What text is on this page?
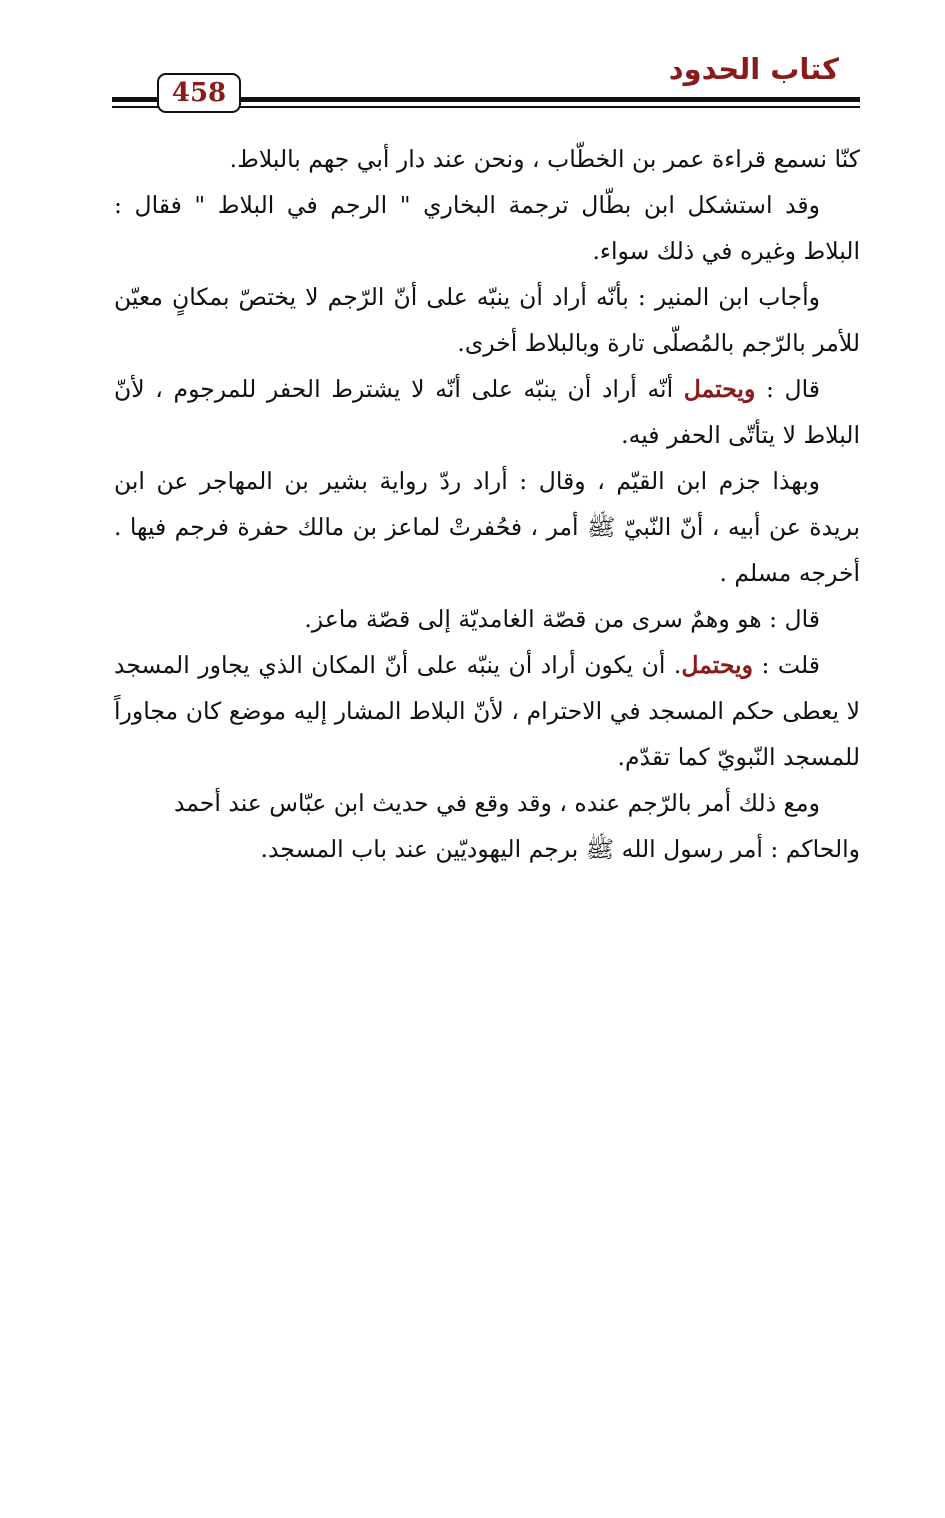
كتاب الحدود
458

كنّا نسمع قراءة عمر بن الخطّاب ، ونحن عند دار أبي جهم بالبلاط.

وقد استشكل ابن بطّال ترجمة البخاري " الرجم في البلاط " فقال : البلاط وغيره في ذلك سواء.

وأجاب ابن المنير : بأنّه أراد أن ينبّه على أنّ الرّجم لا يختصّ بمكانٍ معيّن للأمر بالرّجم بالمُصلّى تارة وبالبلاط أخرى.

قال : ويحتمل أنّه أراد أن ينبّه على أنّه لا يشترط الحفر للمرجوم ، لأنّ البلاط لا يتأتّى الحفر فيه.

وبهذا جزم ابن القيّم ، وقال : أراد ردّ رواية بشير بن المهاجر عن ابن بريدة عن أبيه ، أنّ النّبيّ ﷺ أمر ، فحُفرتْ لماعز بن مالك حفرة فرجم فيها . أخرجه مسلم .

قال : هو وهمٌ سرى من قصّة الغامديّة إلى قصّة ماعز.

قلت : ويحتمل. أن يكون أراد أن ينبّه على أنّ المكان الذي يجاور المسجد لا يعطى حكم المسجد في الاحترام ، لأنّ البلاط المشار إليه موضع كان مجاوراً للمسجد النّبويّ كما تقدّم.

ومع ذلك أمر بالرّجم عنده ، وقد وقع في حديث ابن عبّاس عند أحمد والحاكم : أمر رسول الله ﷺ برجم اليهوديّين عند باب المسجد.
